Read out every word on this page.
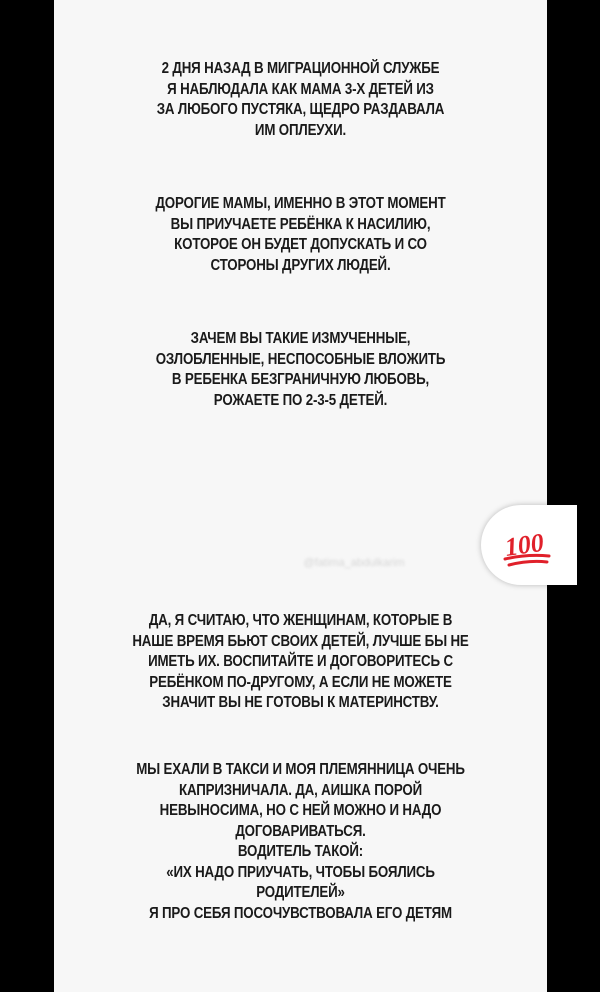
2 ДНЯ НАЗАД В МИГРАЦИОННОЙ СЛУЖБЕ
Я НАБЛЮДАЛА КАК МАМА 3-Х ДЕТЕЙ ИЗ
ЗА ЛЮБОГО ПУСТЯКА, ЩЕДРО РАЗДАВАЛА
ИМ ОПЛЕУХИ.
ДОРОГИЕ МАМЫ, ИМЕННО В ЭТОТ МОМЕНТ
ВЫ ПРИУЧАЕТЕ РЕБЁНКА К НАСИЛИЮ,
КОТОРОЕ ОН БУДЕТ ДОПУСКАТЬ И СО
СТОРОНЫ ДРУГИХ ЛЮДЕЙ.
ЗАЧЕМ ВЫ ТАКИЕ ИЗМУЧЕННЫЕ,
ОЗЛОБЛЕННЫЕ, НЕСПОСОБНЫЕ ВЛОЖИТЬ
В РЕБЕНКА БЕЗГРАНИЧНУЮ ЛЮБОВЬ,
РОЖАЕТЕ ПО 2-3-5 ДЕТЕЙ.
@fatima_abdulkarim
ДА, Я СЧИТАЮ, ЧТО ЖЕНЩИНАМ, КОТОРЫЕ В
НАШЕ ВРЕМЯ БЬЮТ СВОИХ ДЕТЕЙ, ЛУЧШЕ БЫ НЕ
ИМЕТЬ ИХ. ВОСПИТАЙТЕ И ДОГОВОРИТЕСЬ С
РЕБЁНКОМ ПО-ДРУГОМУ, А ЕСЛИ НЕ МОЖЕТЕ
ЗНАЧИТ ВЫ НЕ ГОТОВЫ К МАТЕРИНСТВУ.
МЫ ЕХАЛИ В ТАКСИ И МОЯ ПЛЕМЯННИЦА ОЧЕНЬ
КАПРИЗНИЧАЛА. ДА, АИШКА ПОРОЙ
НЕВЫНОСИМА, НО С НЕЙ МОЖНО И НАДО
ДОГОВАРИВАТЬСЯ.
ВОДИТЕЛЬ ТАКОЙ:
«ИХ НАДО ПРИУЧАТЬ, ЧТОБЫ БОЯЛИСЬ
РОДИТЕЛЕЙ»
Я ПРО СЕБЯ ПОСОЧУВСТВОВАЛА ЕГО ДЕТЯМ
100
